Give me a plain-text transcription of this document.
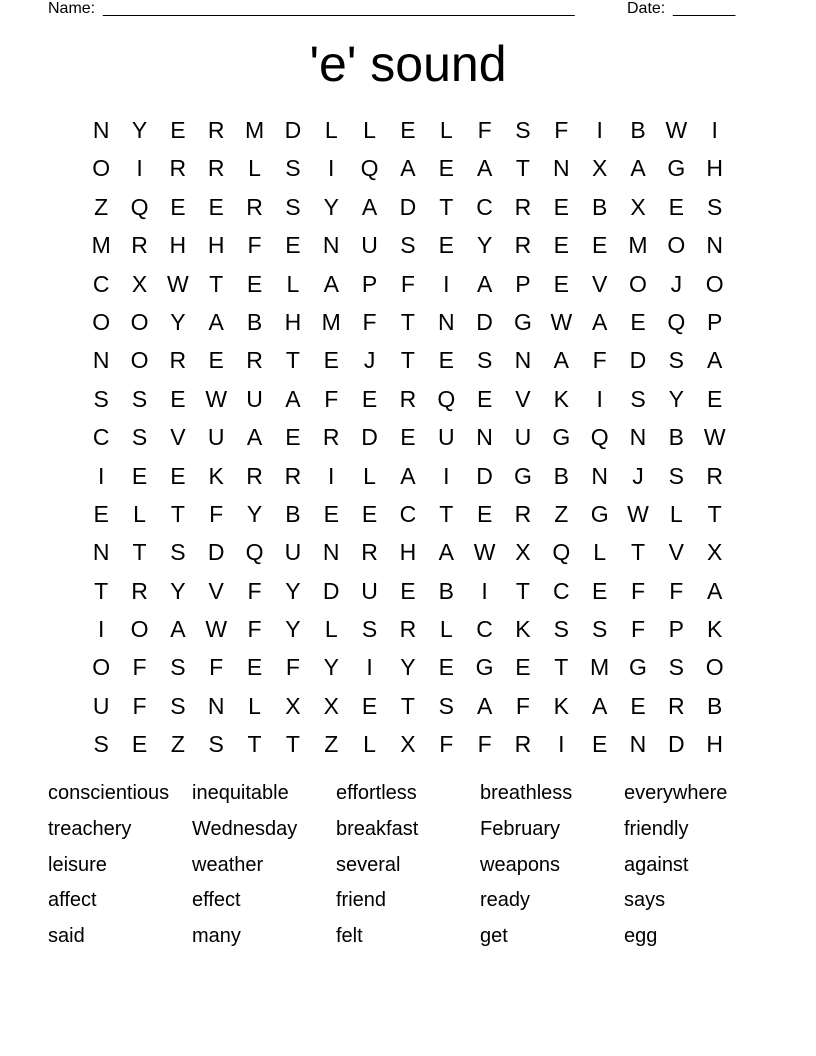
Name: _____________________________________________________	Date: _______
'e' sound
N Y	E R M D	L	L	E	L	F	S	F	I	B W	I
O	I	R R	L	S	I	Q A	E	A	T	N X	A G H
Z Q E	E R S	Y	A D	T	C R E	B	X	E	S
M R H H	F	E N U S	E	Y R E	E M O N
C X W T	E	L	A	P	F	I	A	P	E	V O	J	O
O O Y	A	B H M F	T	N D G W A	E Q P
N O R E R	T	E	J	T	E	S N A	F	D S	A
S	S	E W U A	F	E R Q E	V	K	I	S	Y	E
C S	V U A	E R D E U N U G Q N B W
I	E	E	K R R	I	L	A	I	D G B N	J	S R
E	L	T	F	Y	B	E	E C	T	E R	Z G W L	T
N	T	S D Q U N R H A W X Q	L	T	V	X
T	R Y	V	F	Y D U E	B	I	T	C E	F	F	A
I	O A W F	Y	L	S R	L	C K	S	S	F	P	K
O F	S	F	E	F	Y	I	Y	E G E	T M G S O
U	F	S N	L	X	X	E	T	S	A	F	K	A	E R B
S	E	Z	S	T	T	Z	L	X	F	F	R	I	E N D H
conscientious	inequitable	effortless	breathless	everywhere
treachery	Wednesday	breakfast	February	friendly
leisure	weather	several	weapons	against
affect	effect	friend	ready	says
said	many	felt	get	egg
